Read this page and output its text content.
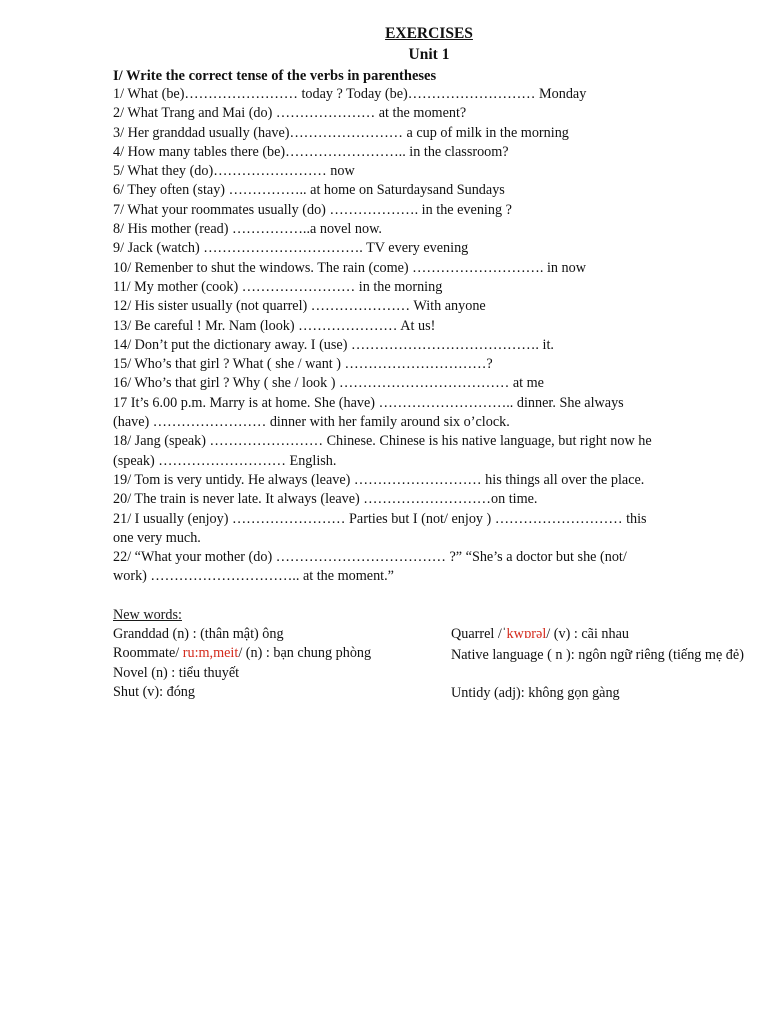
EXERCISES
Unit 1
I/ Write the correct tense of the verbs in parentheses
1/ What (be)…………………… today ? Today (be)……………………… Monday
2/ What Trang and Mai (do) ………………… at the moment?
3/ Her granddad usually (have)…………………… a cup of milk in the morning
4/ How many tables there (be)…………………….. in the classroom?
5/ What they (do)…………………… now
6/ They often (stay) …………….. at home on Saturdaysand Sundays
7/ What your roommates usually (do) ………………. in the evening ?
8/ His mother (read) ……………..a novel now.
9/ Jack (watch) ……………………………. TV every evening
10/ Remenber to shut the windows. The rain (come) ………………………. in now
11/ My mother (cook) …………………… in the morning
12/ His sister usually (not quarrel) ………………… With anyone
13/ Be careful ! Mr. Nam (look) ………………… At us!
14/ Don’t put the dictionary away. I (use) …………………………………. it.
15/ Who’s that girl ? What ( she / want ) …………………………?
16/ Who’s that girl ? Why ( she / look ) ……………………………… at me
17 It’s 6.00 p.m. Marry is at home. She (have) ……………………….. dinner. She always
(have) …………………… dinner with her family around six o’clock.
18/ Jang (speak) …………………… Chinese. Chinese is his native language, but right now he
(speak) ……………………… English.
19/ Tom is very untidy. He always (leave) ……………………… his things all over the place.
20/ The train is never late. It always (leave) ………………………on time.
21/ I usually (enjoy) …………………… Parties but I (not/ enjoy ) ……………………… this
one very much.
22/ “What your mother (do) ……………………………… ?” “She’s a doctor but she (not/
work) ………………………….. at the moment.”
New words:
Granddad (n) : (thân mật) ông
Roommate/ ru:m,meit/ (n) : bạn chung phòng
Novel (n) : tiểu thuyết
Shut (v): đóng
Quarrel /ˈkwɒrəl/ (v) : cãi nhau
Native language ( n ): ngôn ngữ riêng (tiếng mẹ đẻ)
Untidy (adj): không gọn gàng
